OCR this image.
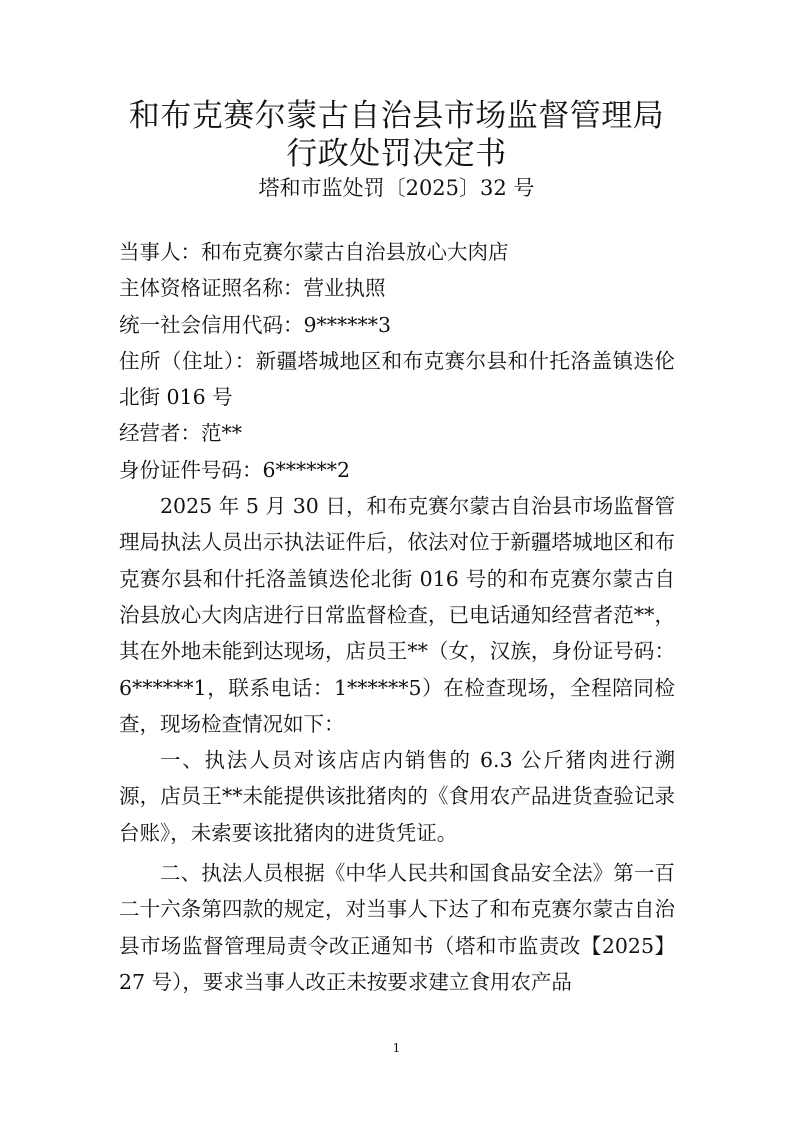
和布克赛尔蒙古自治县市场监督管理局
行政处罚决定书
塔和市监处罚〔2025〕32 号

当事人：和布克赛尔蒙古自治县放心大肉店

主体资格证照名称：营业执照

统一社会信用代码：9******3

住所（住址）：新疆塔城地区和布克赛尔县和什托洛盖镇迭伦北街 016 号

经营者：范**

身份证件号码：6******2

2025 年 5 月 30 日，和布克赛尔蒙古自治县市场监督管理局执法人员出示执法证件后，依法对位于新疆塔城地区和布克赛尔县和什托洛盖镇迭伦北街 016 号的和布克赛尔蒙古自治县放心大肉店进行日常监督检查，已电话通知经营者范**，其在外地未能到达现场，店员王**（女，汉族，身份证号码：6******1，联系电话：1******5）在检查现场，全程陪同检查，现场检查情况如下：

一、执法人员对该店店内销售的 6.3 公斤猪肉进行溯源，店员王**未能提供该批猪肉的《食用农产品进货查验记录台账》，未索要该批猪肉的进货凭证。

二、执法人员根据《中华人民共和国食品安全法》第一百二十六条第四款的规定，对当事人下达了和布克赛尔蒙古自治县市场监督管理局责令改正通知书（塔和市监责改【2025】27 号），要求当事人改正未按要求建立食用农产品

1
